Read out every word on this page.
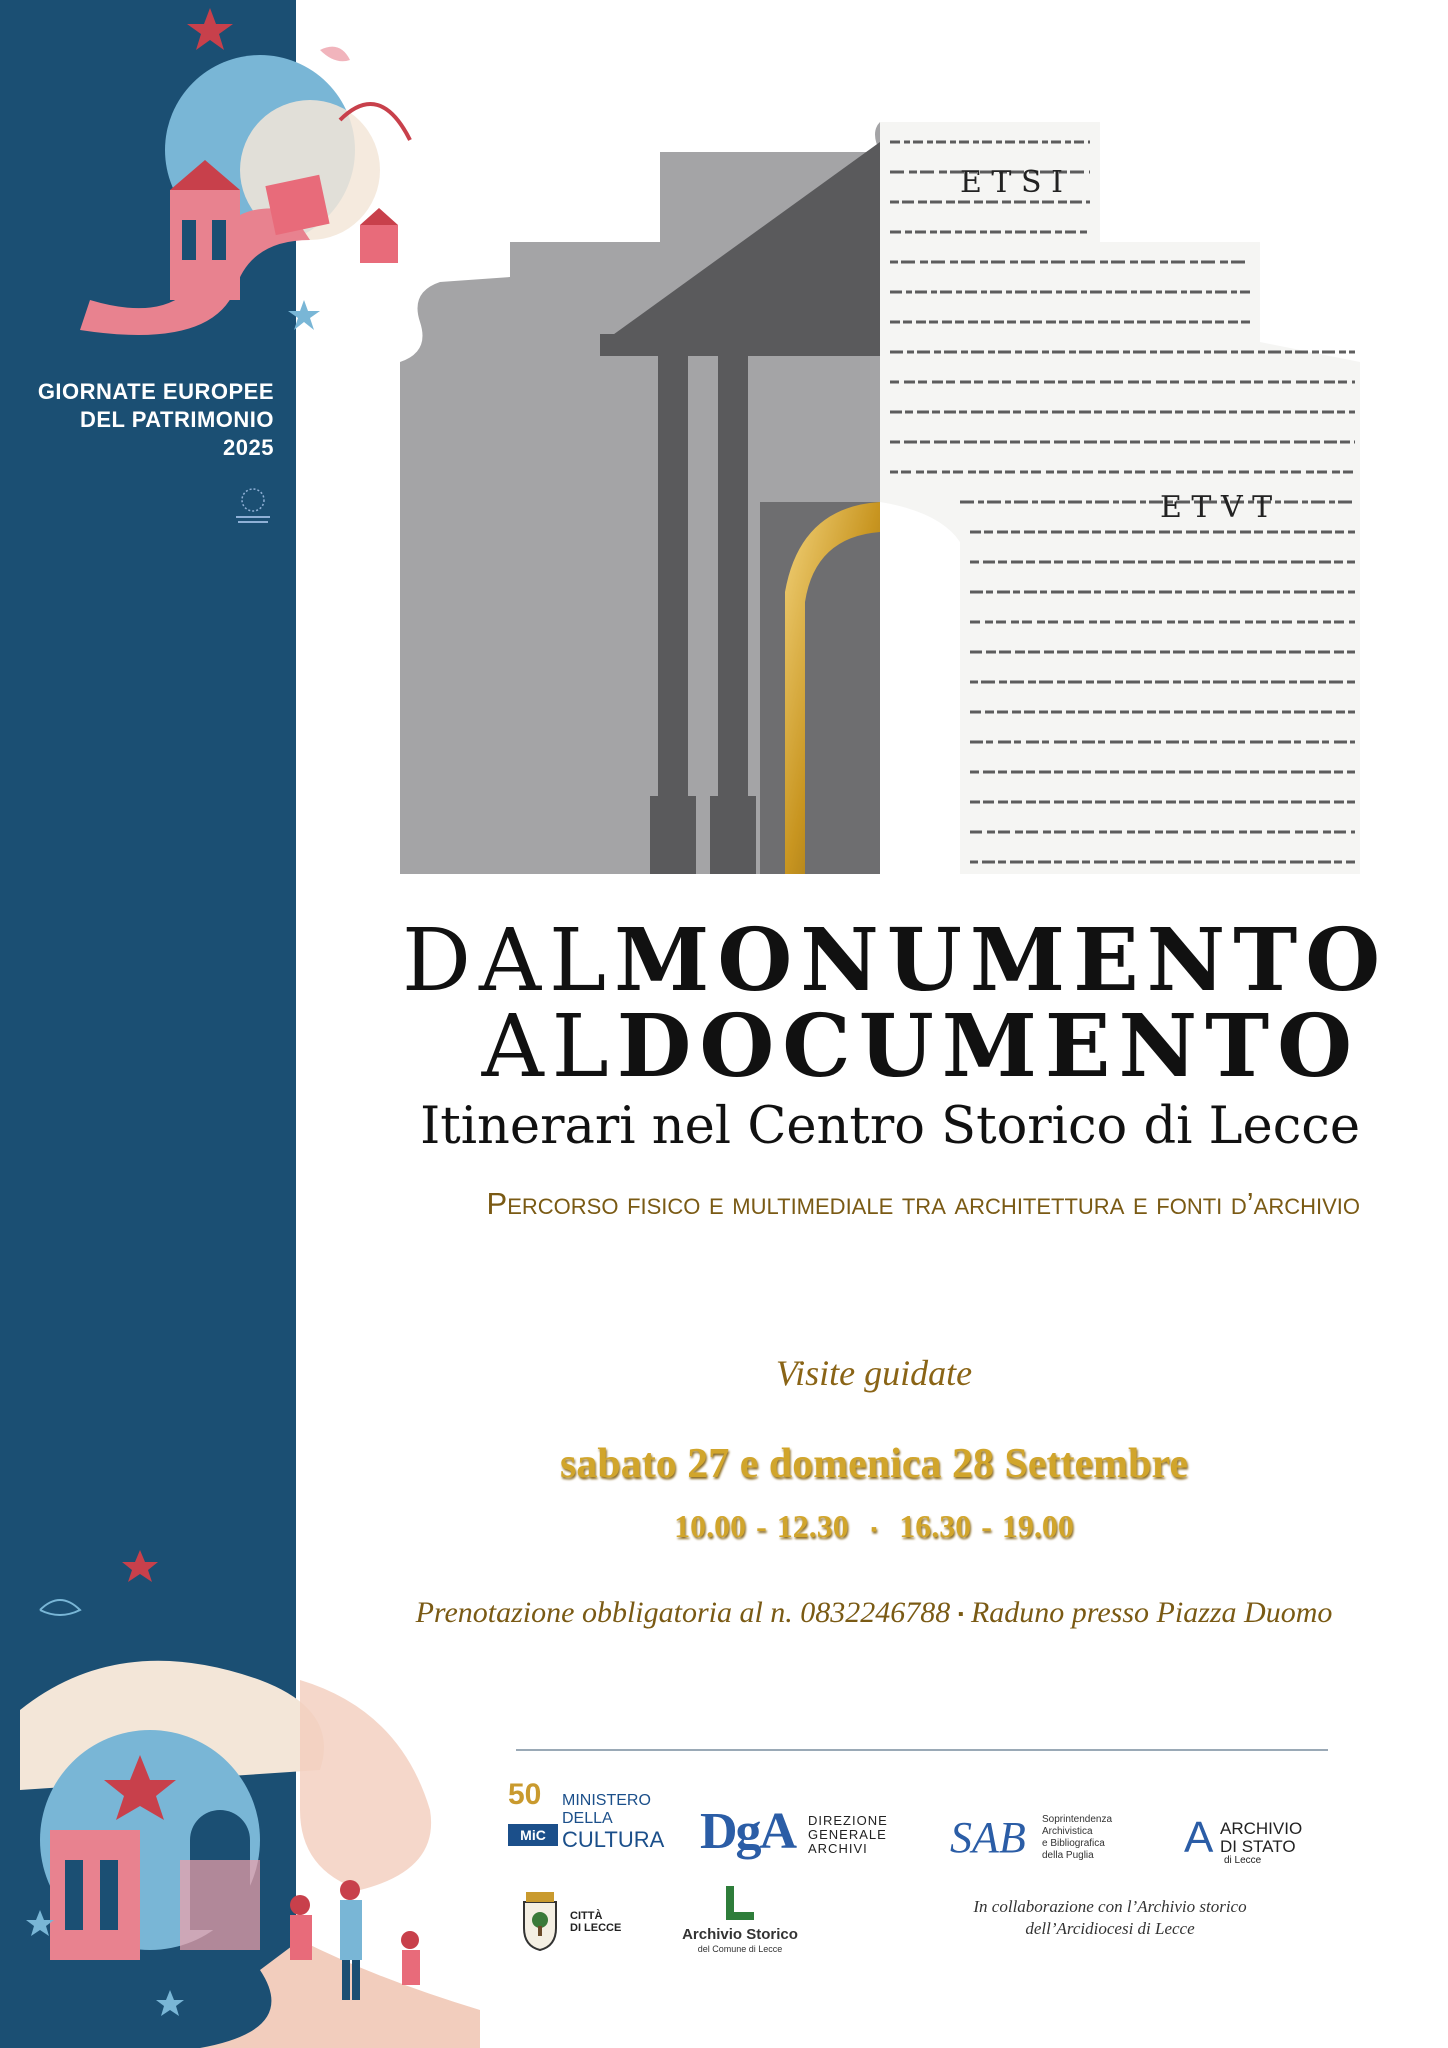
GIORNATE EUROPEE
DEL PATRIMONIO
2025
E T S I
E T V T
DALMONUMENTO
ALDOCUMENTO
Itinerari nel Centro Storico di Lecce
Percorso fisico e multimediale tra architettura e fonti d’archivio
Visite guidate
sabato 27 e domenica 28 Settembre
10.00 - 12.30 ▪ 16.30 - 19.00
Prenotazione obbligatoria al n. 0832246788 ▪ Raduno presso Piazza Duomo
50
MiC
MINISTERO
DELLA
CULTURA DgA DIREZIONE
GENERALE
ARCHIVI	SAB Soprintendenza
Archivistica
e Bibliografica
della Puglia	A ARCHIVIO
DI STATO
di Lecce
CITTÀ
DI LECCE	Archivio Storico
del Comune di Lecce
In collaborazione con l’Archivio storico
dell’Arcidiocesi di Lecce
